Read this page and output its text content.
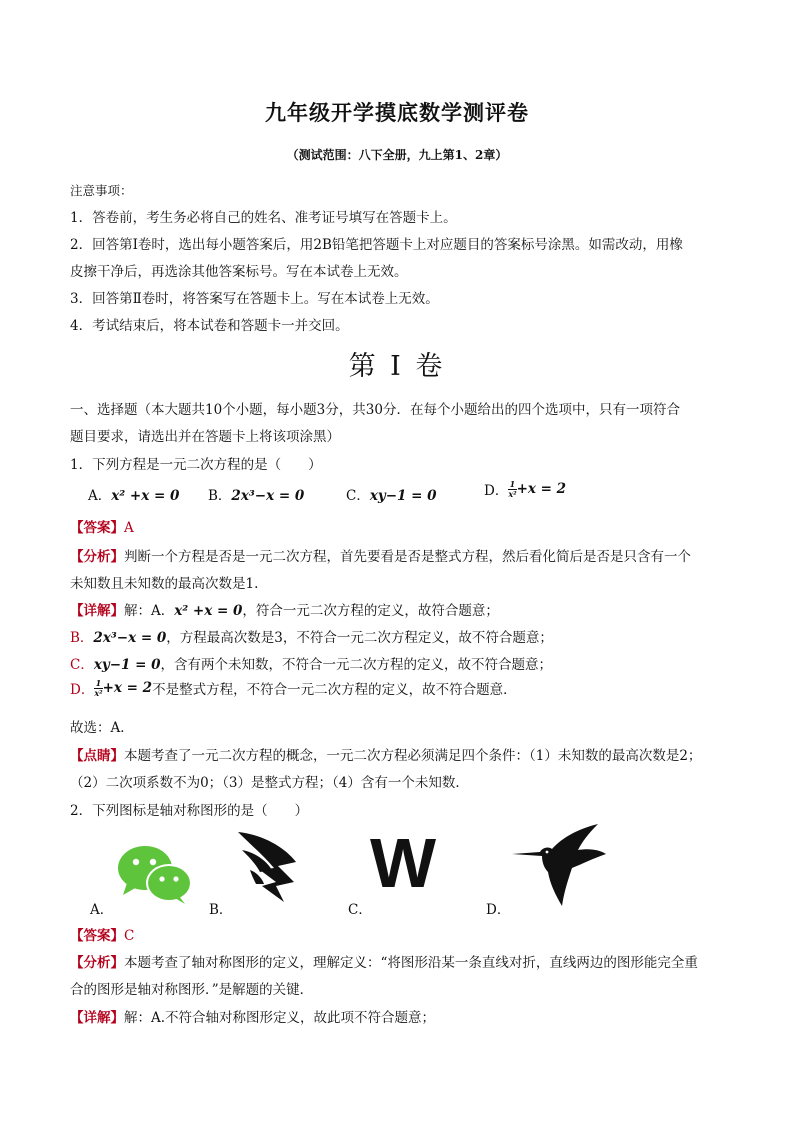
九年级开学摸底数学测评卷
（测试范围：八下全册，九上第1、2章）
注意事项：
1．答卷前，考生务必将自己的姓名、准考证号填写在答题卡上。
2．回答第Ⅰ卷时，选出每小题答案后，用2B铅笔把答题卡上对应题目的答案标号涂黑。如需改动，用橡
皮擦干净后，再选涂其他答案标号。写在本试卷上无效。
3．回答第Ⅱ卷时，将答案写在答题卡上。写在本试卷上无效。
4．考试结束后，将本试卷和答题卡一并交回。
第 I 卷
一、选择题（本大题共10个小题，每小题3分，共30分．在每个小题给出的四个选项中，只有一项符合
题目要求，请选出并在答题卡上将该项涂黑）
1．下列方程是一元二次方程的是（　　）
A．x² +x = 0 B．2x³−x = 0	C．xy−1 = 0	D． $\frac{1}{\text{x²}} +x = 2$
【答案】A
【分析】判断一个方程是否是一元二次方程，首先要看是否是整式方程，然后看化简后是否是只含有一个
未知数且未知数的最高次数是1.
【详解】解：A．x² +x = 0，符合一元二次方程的定义，故符合题意；
B．2x³−x = 0，方程最高次数是3，不符合一元二次方程定义，故不符合题意；
C．xy−1 = 0，含有两个未知数，不符合一元二次方程的定义，故不符合题意；
D． $\frac{1}{\text{x²}} +x = 2$不是整式方程，不符合一元二次方程的定义，故不符合题意．
故选：A．
【点睛】本题考查了一元二次方程的概念，一元二次方程必须满足四个条件：（1）未知数的最高次数是2；
（2）二次项系数不为0；（3）是整式方程；（4）含有一个未知数．
2．下列图标是轴对称图形的是（　　）
W
A．	B．	C．	D．
【答案】C
【分析】本题考查了轴对称图形的定义，理解定义：“将图形沿某一条直线对折，直线两边的图形能完全重
合的图形是轴对称图形．”是解题的关键．
【详解】解：A.不符合轴对称图形定义，故此项不符合题意；
